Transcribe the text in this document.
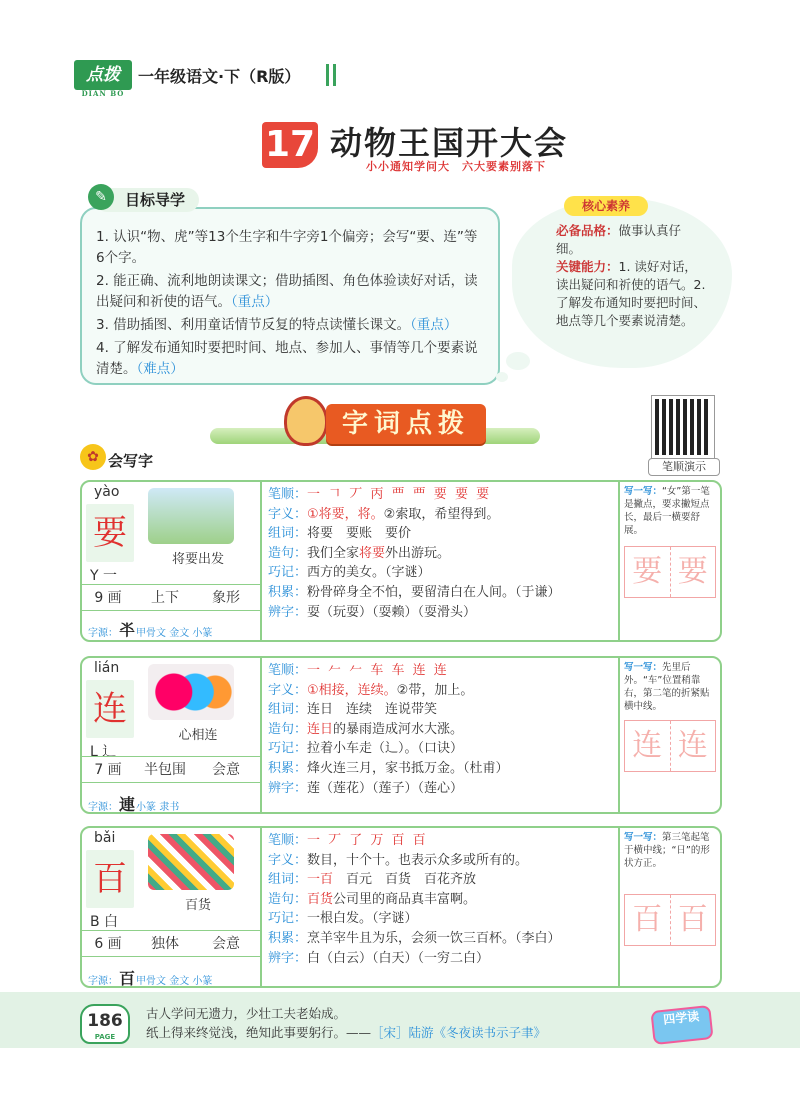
点拨
DIAN BO
一年级语文·下（R版）
17 动物王国开大会
小小通知学问大　六大要素别落下
1. 认识“物、虎”等13个生字和牛字旁1个偏旁；会写“要、连”等6个字。
2. 能正确、流利地朗读课文；借助插图、角色体验读好对话，读出疑问和祈使的语气。（重点）
3. 借助插图、利用童话情节反复的特点读懂长课文。（重点）
4. 了解发布通知时要把时间、地点、参加人、事情等几个要素说清楚。（难点）
目标导学
✎
核心素养
必备品格：做事认真仔细。
关键能力：1. 读好对话，读出疑问和祈使的语气。2. 了解发布通知时要把时间、地点等几个要素说清楚。
字词点拨
笔顺演示
✿ 会写字
yào
要
将要出发
Y 一
9 画 上下 象形
字源：𠦂甲骨文 金文 小篆
笔顺：一 𠃍 丆 丙 覀 覀 要 要 要
字义：①将要，将。②索取，希望得到。
组词：将要　要账　要价
造句：我们全家将要外出游玩。
巧记：西方的美女。（字谜）
积累：粉骨碎身全不怕，要留清白在人间。（于谦）
辨字：耍（玩耍）（耍赖）（耍滑头）
写一写：“女”第一笔是撇点，要求撇短点长，最后一横要舒展。
要 要
lián
连
心相连
L 辶
7 画 半包围 会意
字源：連小篆 隶书
笔顺：一 𠂉 𠂉 车 车 连 连
字义：①相接，连续。②带，加上。
组词：连日　连续　连说带笑
造句：连日的暴雨造成河水大涨。
巧记：拉着小车走（辶）。（口诀）
积累：烽火连三月，家书抵万金。（杜甫）
辨字：莲（莲花）（莲子）（莲心）
写一写：先里后外。“车”位置稍靠右，第二笔的折紧贴横中线。
连 连
bǎi
百
百货
B 白
6 画 独体 会意
字源：百甲骨文 金文 小篆
笔顺：一 丆 了 万 百 百
字义：数目，十个十。也表示众多或所有的。
组词：一百　百元　百货　百花齐放
造句：百货公司里的商品真丰富啊。
巧记：一根白发。（字谜）
积累：烹羊宰牛且为乐，会须一饮三百杯。（李白）
辨字：白（白云）（白天）（一穷二白）
写一写：第三笔起笔于横中线；“日”的形状方正。
百 百
186
PAGE
古人学问无遗力，少壮工夫老始成。
纸上得来终觉浅，绝知此事要躬行。——［宋］陆游《冬夜读书示子聿》
四学读
